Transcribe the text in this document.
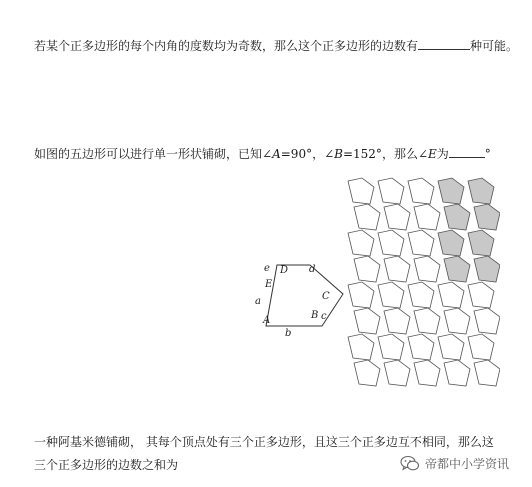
若某个正多边形的每个内角的度数均为奇数，那么这个正多边形的边数有	种可能。
如图的五边形可以进行单一形状铺砌，已知∠A=90°，∠B=152°，那么∠E为	°
A	B
C
D
E
a
b
c
d
e
一种阿基米德铺砌， 其每个顶点处有三个正多边形，且这三个正多边互不相同，那么这三个正多边形的边数之和为	帝都中小学资讯
